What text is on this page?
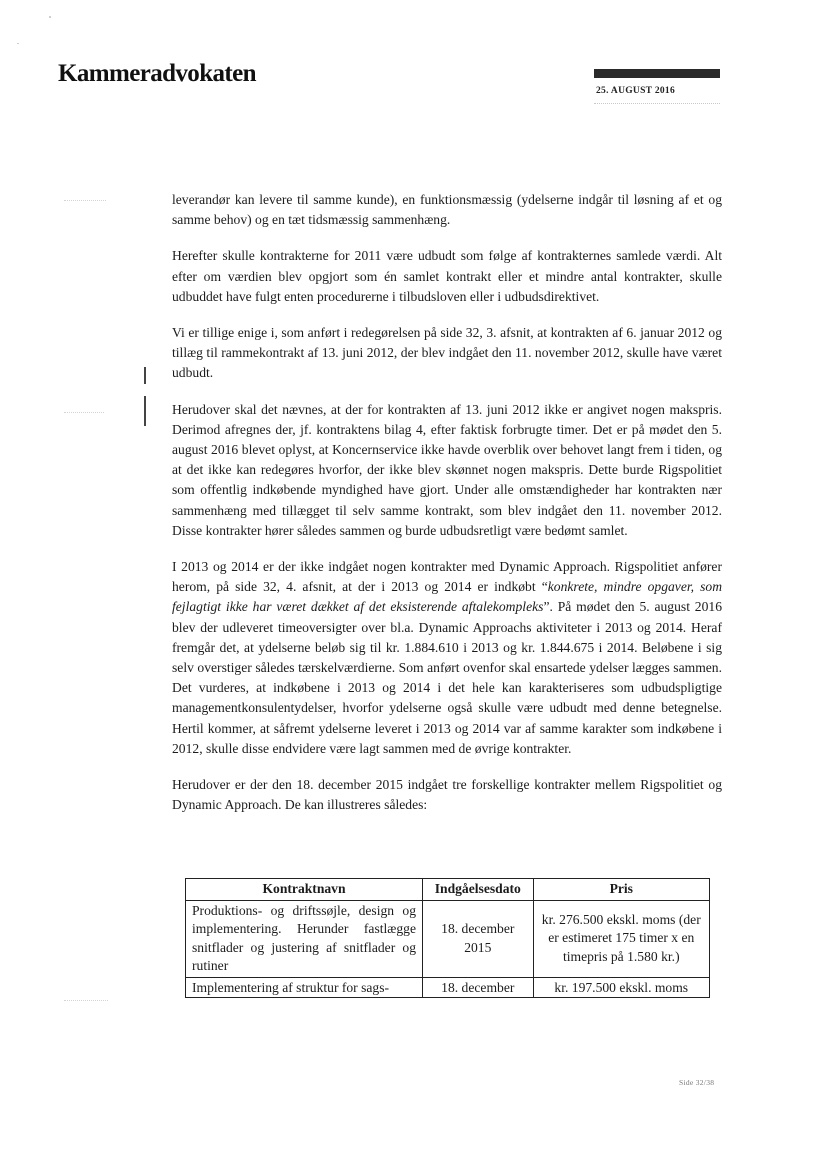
Kammeradvokaten
25. AUGUST 2016

leverandør kan levere til samme kunde), en funktionsmæssig (ydelserne indgår til løsning af et og samme behov) og en tæt tidsmæssig sammenhæng.

Herefter skulle kontrakterne for 2011 være udbudt som følge af kontrakternes samlede værdi. Alt efter om værdien blev opgjort som én samlet kontrakt eller et mindre antal kontrakter, skulle udbuddet have fulgt enten procedurerne i tilbudsloven eller i udbudsdirektivet.

Vi er tillige enige i, som anført i redegørelsen på side 32, 3. afsnit, at kontrakten af 6. januar 2012 og tillæg til rammekontrakt af 13. juni 2012, der blev indgået den 11. november 2012, skulle have været udbudt.

Herudover skal det nævnes, at der for kontrakten af 13. juni 2012 ikke er angivet nogen makspris. Derimod afregnes der, jf. kontraktens bilag 4, efter faktisk forbrugte timer. Det er på mødet den 5. august 2016 blevet oplyst, at Koncernservice ikke havde overblik over behovet langt frem i tiden, og at det ikke kan redegøres hvorfor, der ikke blev skønnet nogen makspris. Dette burde Rigspolitiet som offentlig indkøbende myndighed have gjort. Under alle omstændigheder har kontrakten nær sammenhæng med tillægget til selv samme kontrakt, som blev indgået den 11. november 2012. Disse kontrakter hører således sammen og burde udbudsretligt være bedømt samlet.

I 2013 og 2014 er der ikke indgået nogen kontrakter med Dynamic Approach. Rigspolitiet anfører herom, på side 32, 4. afsnit, at der i 2013 og 2014 er indkøbt “konkrete, mindre opgaver, som fejlagtigt ikke har været dækket af det eksisterende aftalekompleks”. På mødet den 5. august 2016 blev der udleveret timeoversigter over bl.a. Dynamic Approachs aktiviteter i 2013 og 2014. Heraf fremgår det, at ydelserne beløb sig til kr. 1.884.610 i 2013 og kr. 1.844.675 i 2014. Beløbene i sig selv overstiger således tærskelværdierne. Som anført ovenfor skal ensartede ydelser lægges sammen. Det vurderes, at indkøbene i 2013 og 2014 i det hele kan karakteriseres som udbudspligtige managementkonsulentydelser, hvorfor ydelserne også skulle være udbudt med denne betegnelse. Hertil kommer, at såfremt ydelserne leveret i 2013 og 2014 var af samme karakter som indkøbene i 2012, skulle disse endvidere være lagt sammen med de øvrige kontrakter.

Herudover er der den 18. december 2015 indgået tre forskellige kontrakter mellem Rigspolitiet og Dynamic Approach. De kan illustreres således:

Kontraktnavn	Indgåelsesdato	Pris
Produktions- og driftssøjle, design og implementering. Herunder fastlægge snitflader og justering af snitflader og rutiner	18. december 2015	kr. 276.500 ekskl. moms (der er estimeret 175 timer x en timepris på 1.580 kr.)
Implementering af struktur for sags-	18. december	kr. 197.500 ekskl. moms
Side 32/38
